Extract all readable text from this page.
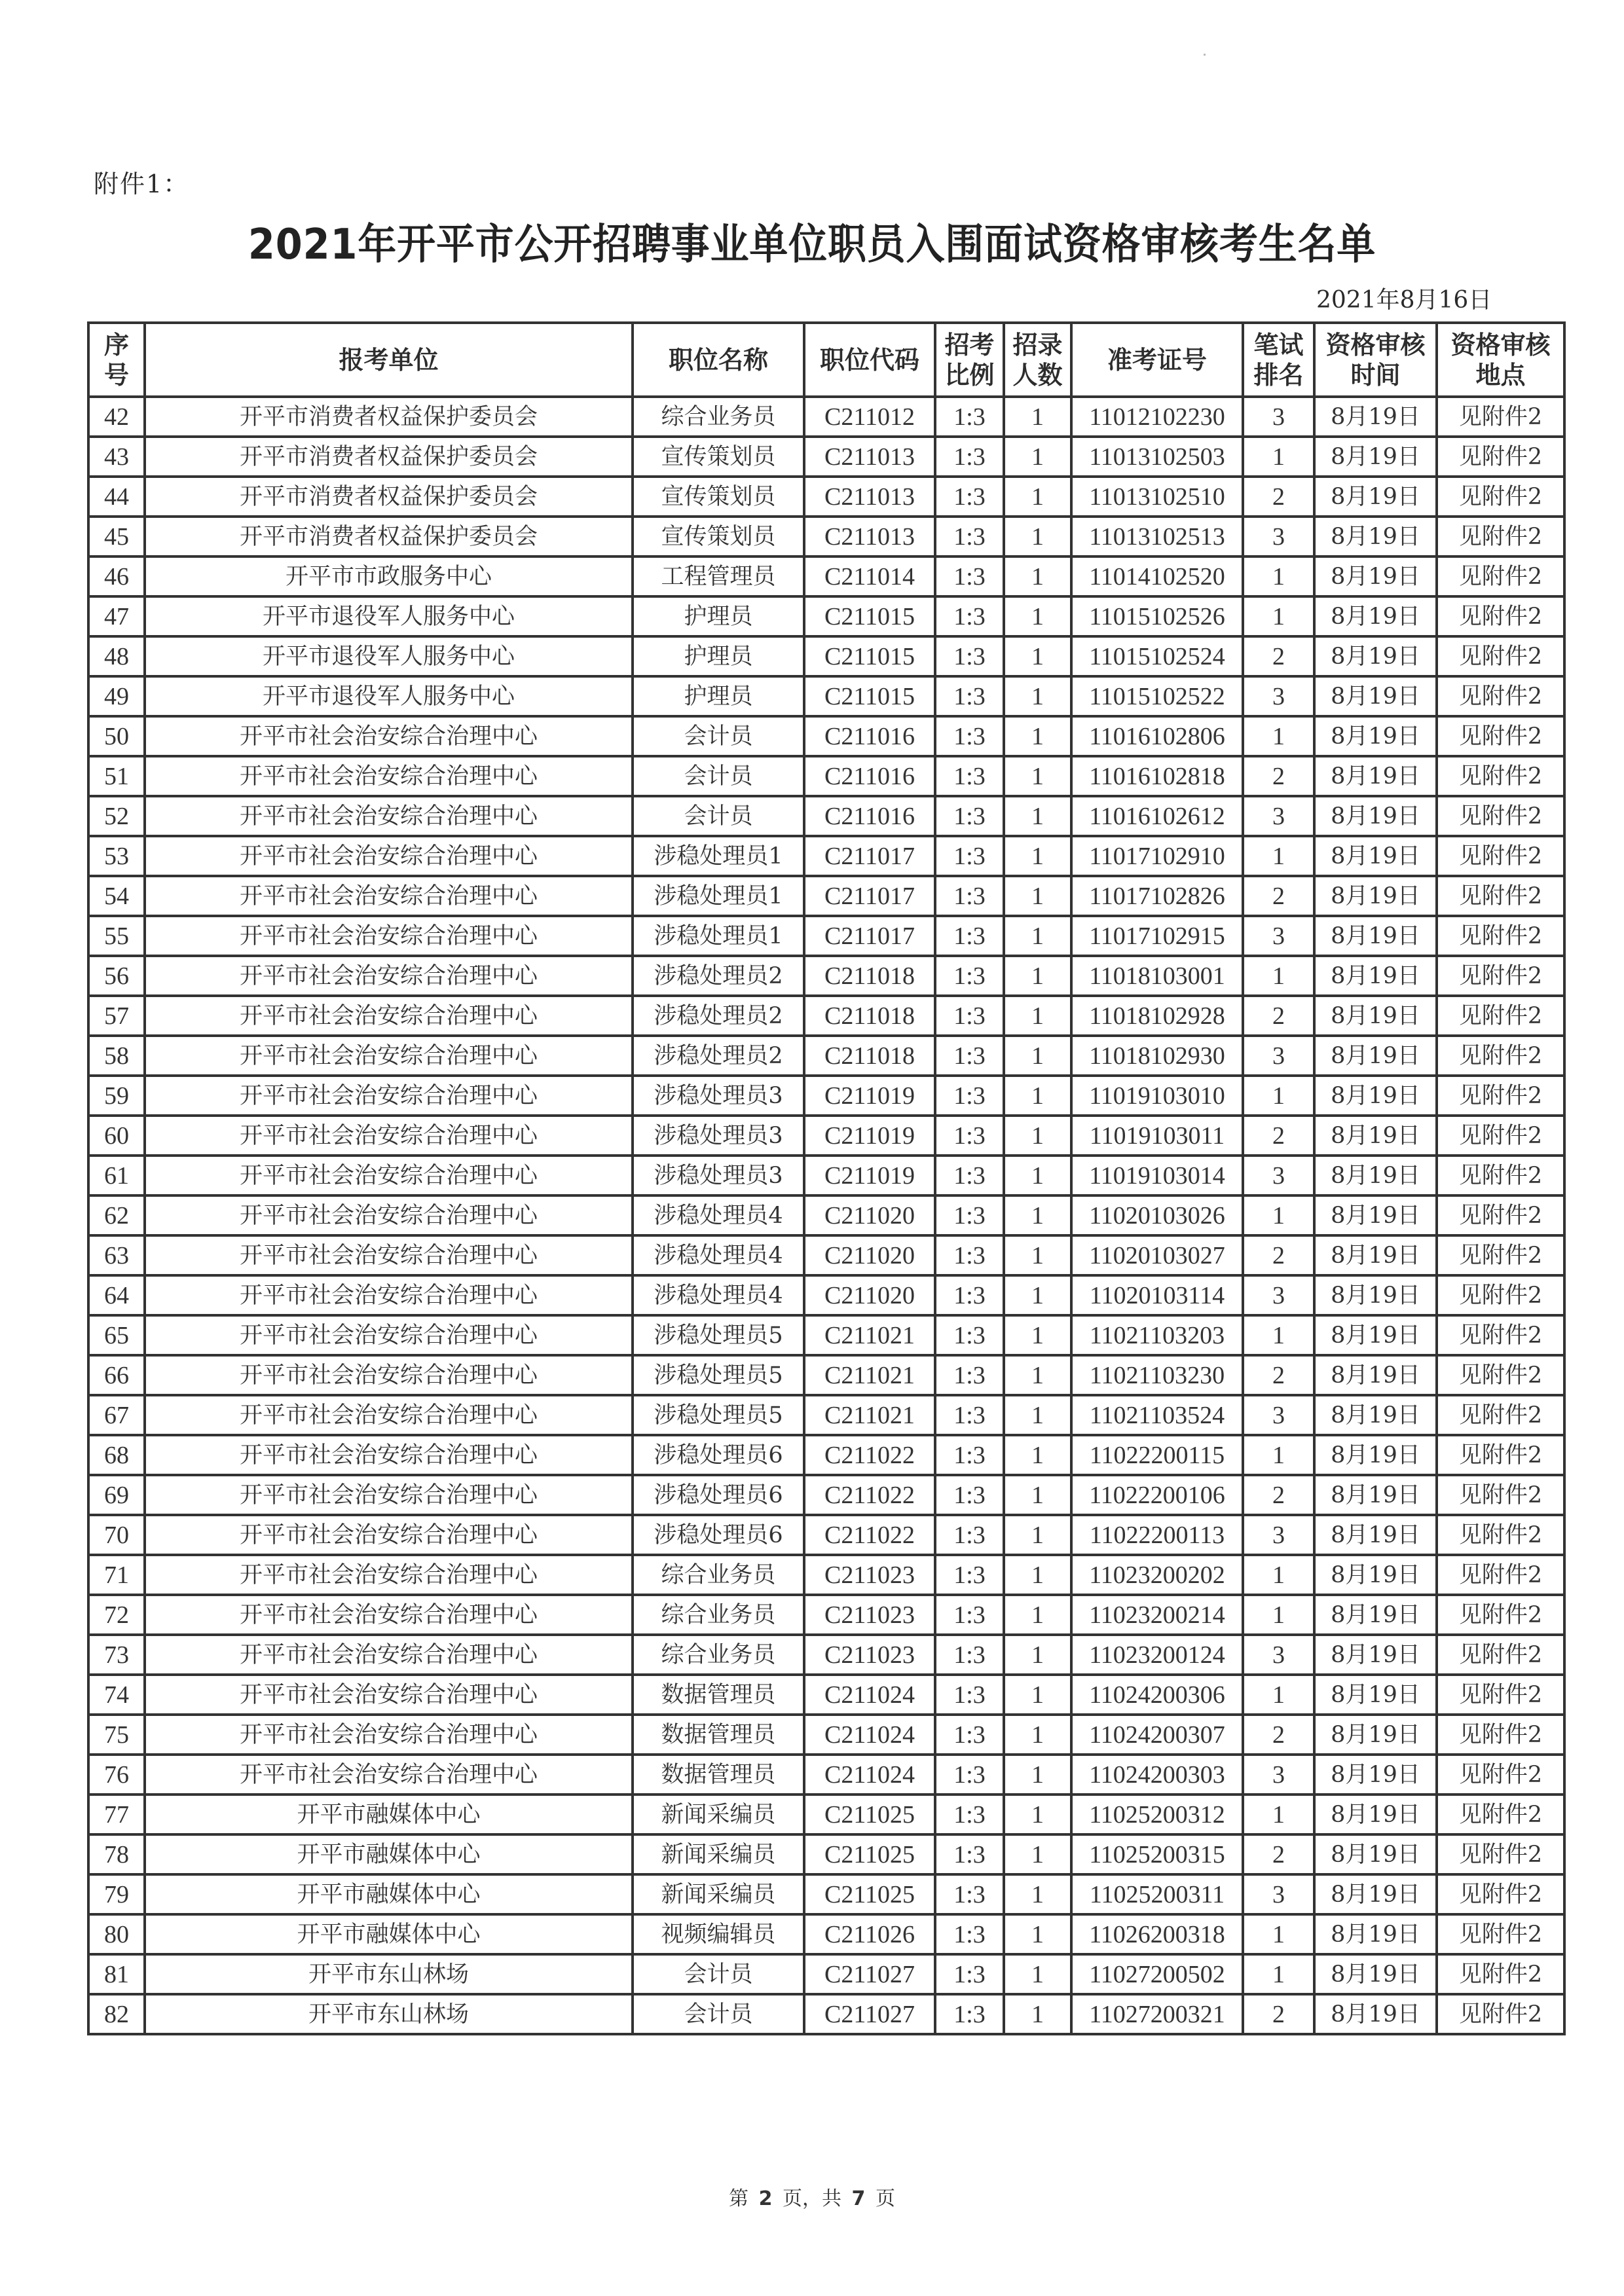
附件1：
2021年开平市公开招聘事业单位职员入围面试资格审核考生名单
2021年8月16日
序号	报考单位	职位名称	职位代码	招考比例	招录人数	准考证号	笔试排名	资格审核时间	资格审核地点
42	开平市消费者权益保护委员会	综合业务员	C211012	1:3	1	11012102230	3	8月19日	见附件2
43	开平市消费者权益保护委员会	宣传策划员	C211013	1:3	1	11013102503	1	8月19日	见附件2
44	开平市消费者权益保护委员会	宣传策划员	C211013	1:3	1	11013102510	2	8月19日	见附件2
45	开平市消费者权益保护委员会	宣传策划员	C211013	1:3	1	11013102513	3	8月19日	见附件2
46	开平市市政服务中心	工程管理员	C211014	1:3	1	11014102520	1	8月19日	见附件2
47	开平市退役军人服务中心	护理员	C211015	1:3	1	11015102526	1	8月19日	见附件2
48	开平市退役军人服务中心	护理员	C211015	1:3	1	11015102524	2	8月19日	见附件2
49	开平市退役军人服务中心	护理员	C211015	1:3	1	11015102522	3	8月19日	见附件2
50	开平市社会治安综合治理中心	会计员	C211016	1:3	1	11016102806	1	8月19日	见附件2
51	开平市社会治安综合治理中心	会计员	C211016	1:3	1	11016102818	2	8月19日	见附件2
52	开平市社会治安综合治理中心	会计员	C211016	1:3	1	11016102612	3	8月19日	见附件2
53	开平市社会治安综合治理中心	涉稳处理员1	C211017	1:3	1	11017102910	1	8月19日	见附件2
54	开平市社会治安综合治理中心	涉稳处理员1	C211017	1:3	1	11017102826	2	8月19日	见附件2
55	开平市社会治安综合治理中心	涉稳处理员1	C211017	1:3	1	11017102915	3	8月19日	见附件2
56	开平市社会治安综合治理中心	涉稳处理员2	C211018	1:3	1	11018103001	1	8月19日	见附件2
57	开平市社会治安综合治理中心	涉稳处理员2	C211018	1:3	1	11018102928	2	8月19日	见附件2
58	开平市社会治安综合治理中心	涉稳处理员2	C211018	1:3	1	11018102930	3	8月19日	见附件2
59	开平市社会治安综合治理中心	涉稳处理员3	C211019	1:3	1	11019103010	1	8月19日	见附件2
60	开平市社会治安综合治理中心	涉稳处理员3	C211019	1:3	1	11019103011	2	8月19日	见附件2
61	开平市社会治安综合治理中心	涉稳处理员3	C211019	1:3	1	11019103014	3	8月19日	见附件2
62	开平市社会治安综合治理中心	涉稳处理员4	C211020	1:3	1	11020103026	1	8月19日	见附件2
63	开平市社会治安综合治理中心	涉稳处理员4	C211020	1:3	1	11020103027	2	8月19日	见附件2
64	开平市社会治安综合治理中心	涉稳处理员4	C211020	1:3	1	11020103114	3	8月19日	见附件2
65	开平市社会治安综合治理中心	涉稳处理员5	C211021	1:3	1	11021103203	1	8月19日	见附件2
66	开平市社会治安综合治理中心	涉稳处理员5	C211021	1:3	1	11021103230	2	8月19日	见附件2
67	开平市社会治安综合治理中心	涉稳处理员5	C211021	1:3	1	11021103524	3	8月19日	见附件2
68	开平市社会治安综合治理中心	涉稳处理员6	C211022	1:3	1	11022200115	1	8月19日	见附件2
69	开平市社会治安综合治理中心	涉稳处理员6	C211022	1:3	1	11022200106	2	8月19日	见附件2
70	开平市社会治安综合治理中心	涉稳处理员6	C211022	1:3	1	11022200113	3	8月19日	见附件2
71	开平市社会治安综合治理中心	综合业务员	C211023	1:3	1	11023200202	1	8月19日	见附件2
72	开平市社会治安综合治理中心	综合业务员	C211023	1:3	1	11023200214	1	8月19日	见附件2
73	开平市社会治安综合治理中心	综合业务员	C211023	1:3	1	11023200124	3	8月19日	见附件2
74	开平市社会治安综合治理中心	数据管理员	C211024	1:3	1	11024200306	1	8月19日	见附件2
75	开平市社会治安综合治理中心	数据管理员	C211024	1:3	1	11024200307	2	8月19日	见附件2
76	开平市社会治安综合治理中心	数据管理员	C211024	1:3	1	11024200303	3	8月19日	见附件2
77	开平市融媒体中心	新闻采编员	C211025	1:3	1	11025200312	1	8月19日	见附件2
78	开平市融媒体中心	新闻采编员	C211025	1:3	1	11025200315	2	8月19日	见附件2
79	开平市融媒体中心	新闻采编员	C211025	1:3	1	11025200311	3	8月19日	见附件2
80	开平市融媒体中心	视频编辑员	C211026	1:3	1	11026200318	1	8月19日	见附件2
81	开平市东山林场	会计员	C211027	1:3	1	11027200502	1	8月19日	见附件2
82	开平市东山林场	会计员	C211027	1:3	1	11027200321	2	8月19日	见附件2
第 2 页，共 7 页
